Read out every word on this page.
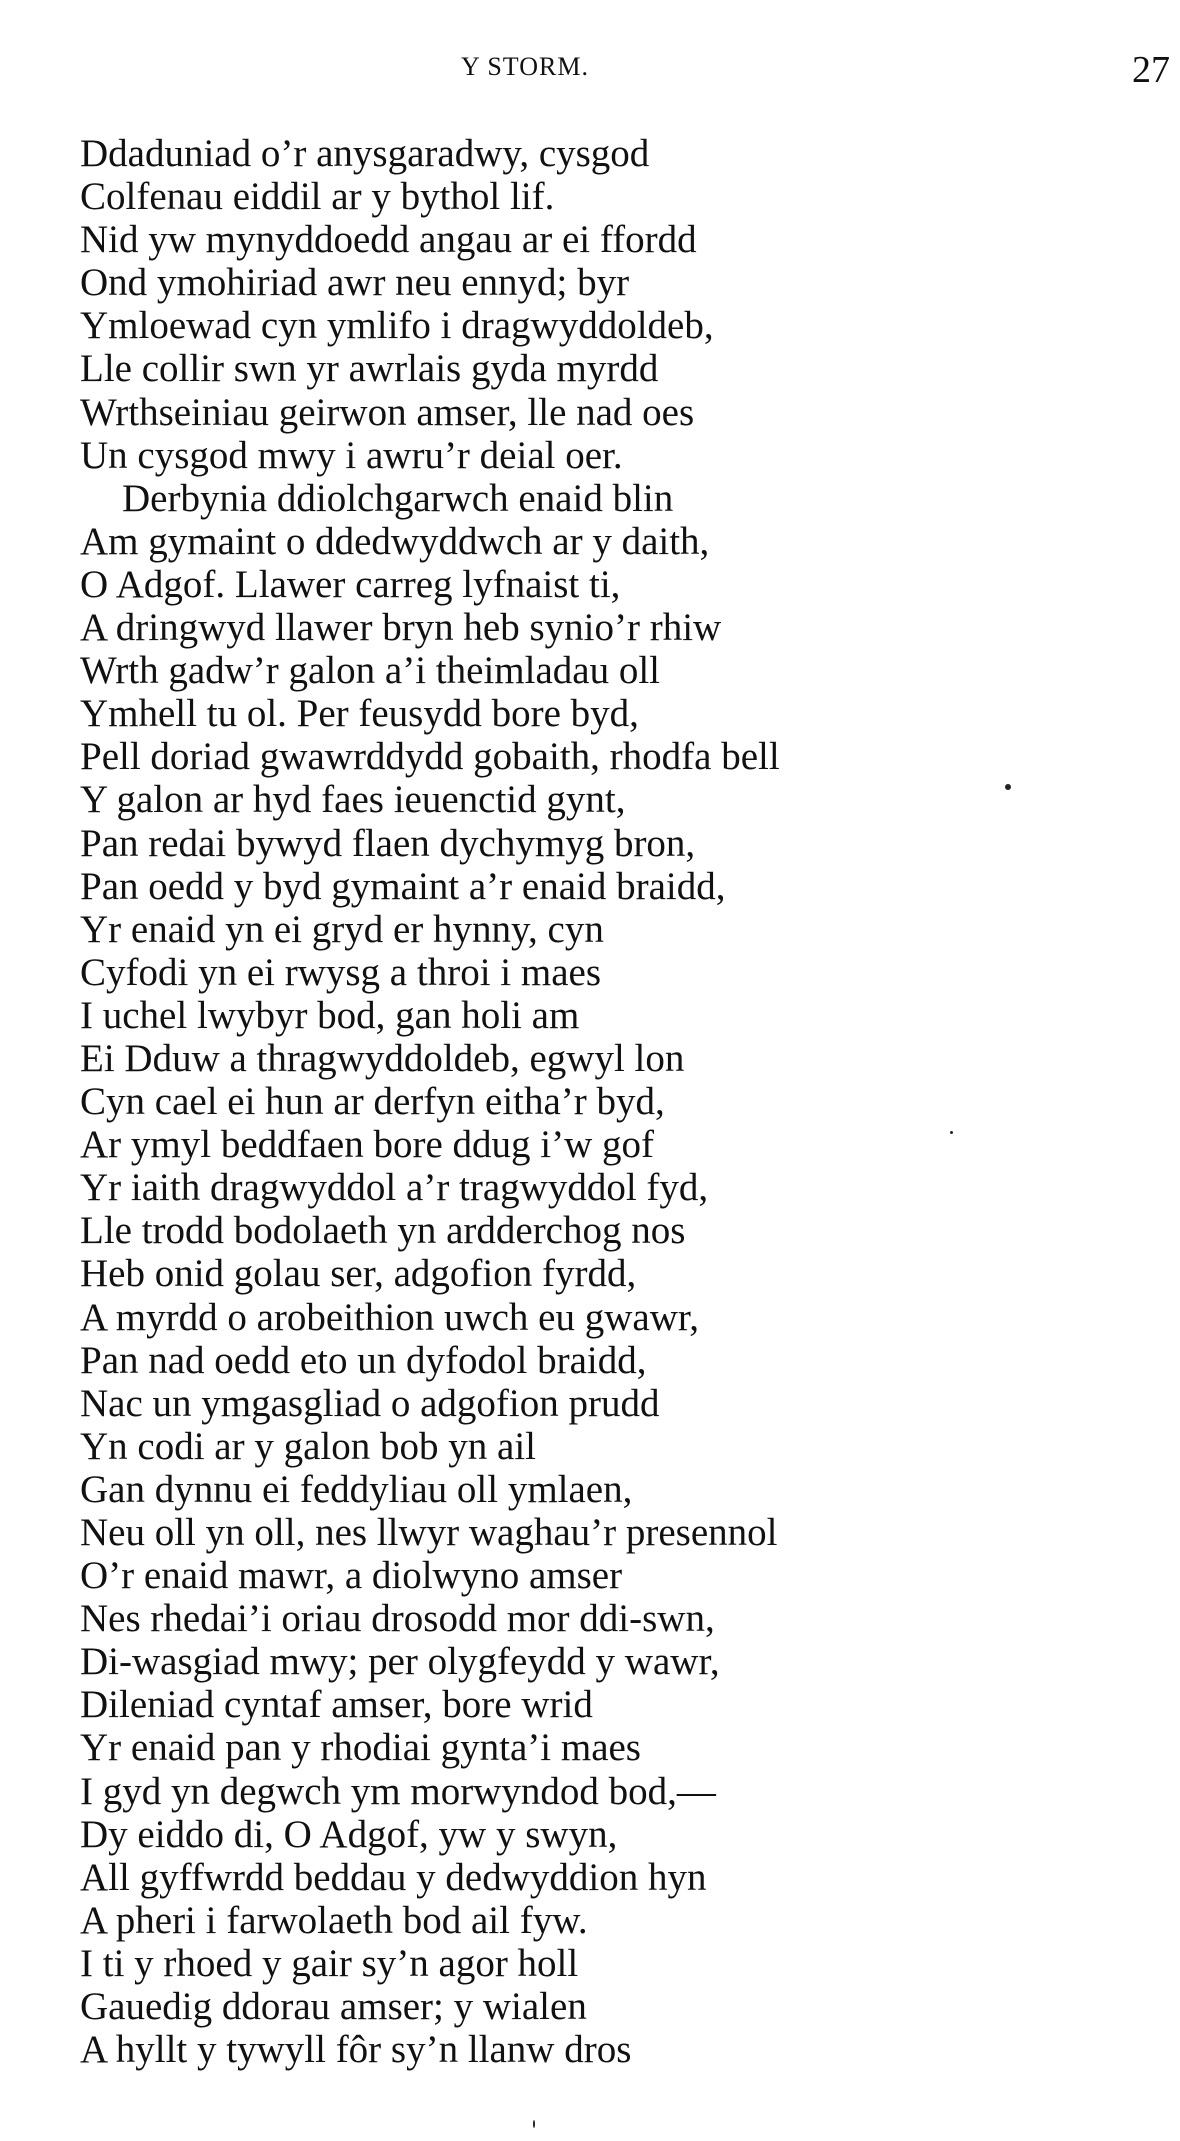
Y STORM.	27
Ddaduniad o’r anysgaradwy, cysgod
Colfenau eiddil ar y bythol lif.
Nid yw mynyddoedd angau ar ei ffordd
Ond ymohiriad awr neu ennyd; byr
Ymloewad cyn ymlifo i dragwyddoldeb,
Lle collir swn yr awrlais gyda myrdd
Wrthseiniau geirwon amser, lle nad oes
Un cysgod mwy i awru’r deial oer.
Derbynia ddiolchgarwch enaid blin
Am gymaint o ddedwyddwch ar y daith,
O Adgof. Llawer carreg lyfnaist ti,
A dringwyd llawer bryn heb synio’r rhiw
Wrth gadw’r galon a’i theimladau oll
Ymhell tu ol. Per feusydd bore byd,
Pell doriad gwawrddydd gobaith, rhodfa bell
Y galon ar hyd faes ieuenctid gynt,
Pan redai bywyd flaen dychymyg bron,
Pan oedd y byd gymaint a’r enaid braidd,
Yr enaid yn ei gryd er hynny, cyn
Cyfodi yn ei rwysg a throi i maes
I uchel lwybyr bod, gan holi am
Ei Dduw a thragwyddoldeb, egwyl lon
Cyn cael ei hun ar derfyn eitha’r byd,
Ar ymyl beddfaen bore ddug i’w gof
Yr iaith dragwyddol a’r tragwyddol fyd,
Lle trodd bodolaeth yn ardderchog nos
Heb onid golau ser, adgofion fyrdd,
A myrdd o arobeithion uwch eu gwawr,
Pan nad oedd eto un dyfodol braidd,
Nac un ymgasgliad o adgofion prudd
Yn codi ar y galon bob yn ail
Gan dynnu ei feddyliau oll ymlaen,
Neu oll yn oll, nes llwyr waghau’r presennol
O’r enaid mawr, a diolwyno amser
Nes rhedai’i oriau drosodd mor ddi-swn,
Di-wasgiad mwy; per olygfeydd y wawr,
Dileniad cyntaf amser, bore wrid
Yr enaid pan y rhodiai gynta’i maes
I gyd yn degwch ym morwyndod bod,—
Dy eiddo di, O Adgof, yw y swyn,
All gyffwrdd beddau y dedwyddion hyn
A pheri i farwolaeth bod ail fyw.
I ti y rhoed y gair sy’n agor holl
Gauedig ddorau amser; y wialen
A hyllt y tywyll fôr sy’n llanw dros
